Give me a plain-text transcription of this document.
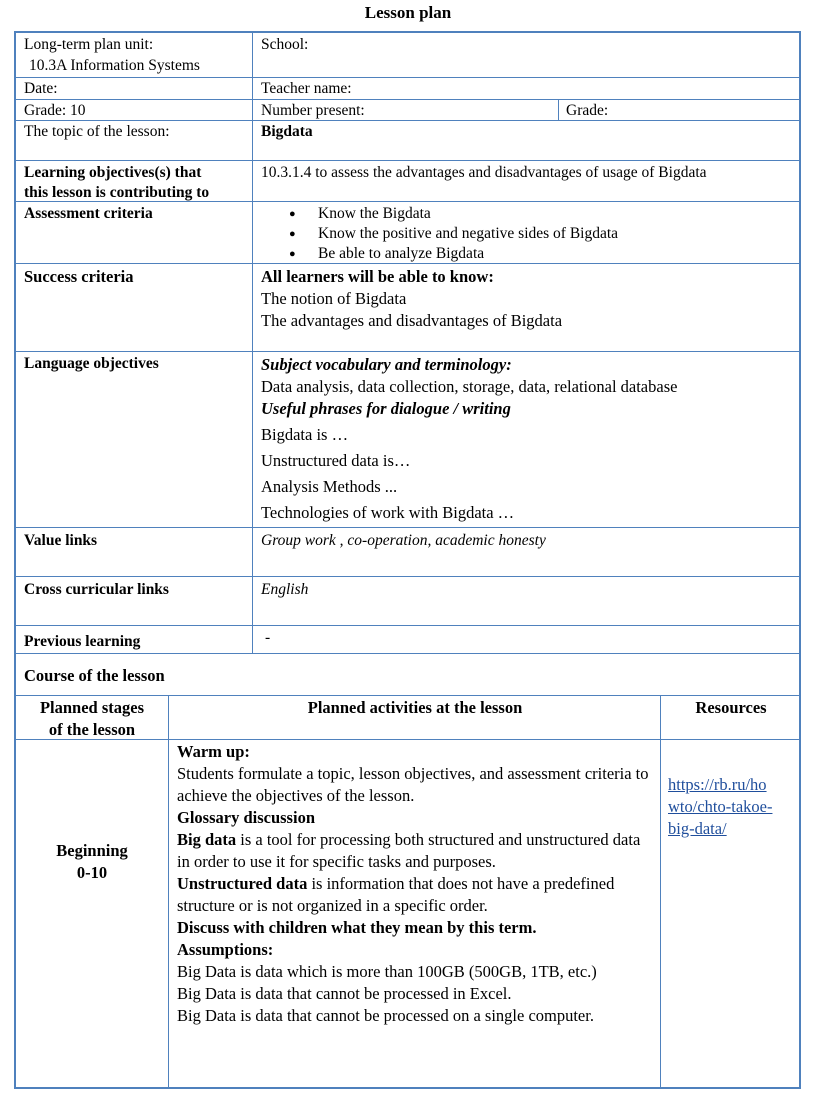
Lesson plan
Long-term plan unit:
10.3A Information Systems
School:
Date:	Teacher name:
Grade: 10	Number present:	Grade:
The topic of the lesson:	Bigdata
Learning objectives(s) that
this lesson is contributing to
10.3.1.4 to assess the advantages and disadvantages of usage of Bigdata
Assessment criteria
●	Know the Bigdata
● Know the positive and negative sides of Bigdata
● Be able to analyze Bigdata
Success criteria	All learners will be able to know:
The notion of Bigdata
The advantages and disadvantages of Bigdata
Language objectives	Subject vocabulary and terminology:
Data analysis, data collection, storage, data, relational database
Useful phrases for dialogue / writing
Bigdata is …
Unstructured data is…
Analysis Methods ...
Technologies of work with Bigdata …
Value links	Group work , co-operation, academic honesty
Cross curricular links	English
Previous learning	-
Course of the lesson
Planned stages
of the lesson
Planned activities at the lesson	Resources
Beginning
0-10
Warm up:
Students formulate a topic, lesson objectives, and assessment criteria to achieve the objectives of the lesson.
Glossary discussion
Big data is a tool for processing both structured and unstructured data in order to use it for specific tasks and purposes.
Unstructured data is information that does not have a predefined structure or is not organized in a specific order.
Discuss with children what they mean by this term.
Assumptions:
Big Data is data which is more than 100GB (500GB, 1TB, etc.)
Big Data is data that cannot be processed in Excel.
Big Data is data that cannot be processed on a single computer.
https://rb.ru/ho
wto/chto-takoe-
big-data/
